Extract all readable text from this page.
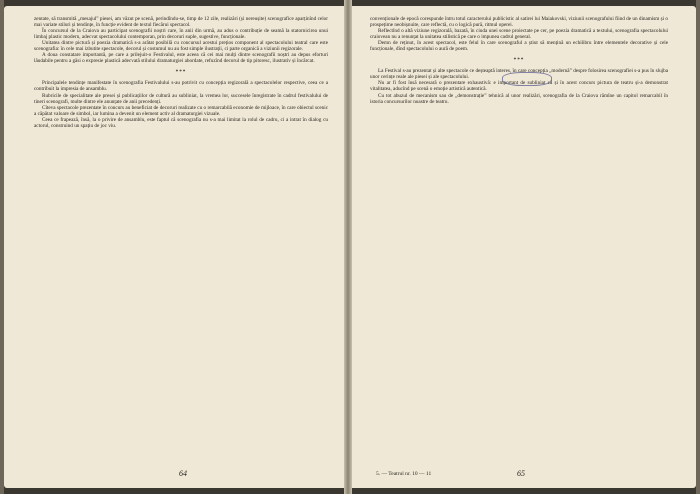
zentate, să transmită „mesajul” piesei, am văzut pe scenă, perindîndu-se, timp de 12 zile, realizări (și nereușite) scenografice aparținînd celor mai variate stiluri și tendințe, în funcție evident de textul fiecărui spectacol.

În concursul de la Craiova au participat scenografii noștri care, în anii din urmă, au adus o contribuție de seamă la statornicirea unui limbaj plastic modern, adecvat spectacolului contemporan, prin decoruri suple, sugestive, funcționale.

Unitatea dintre pictură și poezia dramatică s-a arătat posibilă cu concursul acestui prețios component al spectacolului teatral care este scenografia: în cele mai izbutite spectacole, decorul și costumul nu au fost simple ilustrații, ci parte organică a viziunii regizorale.

A doua constatare importantă, pe care a prilejuit-o Festivalul, este aceea că cei mai mulți dintre scenografii noștri au depus eforturi lăudabile pentru a găsi o expresie plastică adecvată stilului dramaturgiei abordate, refuzînd decorul de tip pitoresc, ilustrativ și încărcat.

***

Principalele tendințe manifestate în scenografia Festivalului s-au potrivit cu concepția regizorală a spectacolelor respective, ceea ce a contribuit la impresia de ansamblu.

Rubricile de specialitate ale presei și publicațiilor de cultură au subliniat, la vremea lor, succesele înregistrate în cadrul festivalului de tineri scenografi, multe dintre ele anunțate de anii precedenți.

Cîteva spectacole prezentate în concurs au beneficiat de decoruri realizate cu o remarcabilă economie de mijloace, în care obiectul scenic a căpătat valoare de simbol, iar lumina a devenit un element activ al dramaturgiei vizuale.

Ceea ce frapează, însă, la o privire de ansamblu, este faptul că scenografia nu s-a mai limitat la rolul de cadru, ci a intrat în dialog cu actorul, construind un spațiu de joc viu.

64

convenționale de epocă corespunde întru totul caracterului publicistic al satirei lui Maiakovski, viziunii scenografului fiind de un dinamism și o prospețime neobișnuite, care reflectă, cu o logică pură, ritmul operei.

Reflectînd o altă viziune regizorală, bazată, în ciuda unei scene proiectate pe cer, pe poezia dramatică a textului, scenografia spectacolului craiovean nu a renunțat la unitatea stilistică pe care o impunea cadrul general.

Demn de reținut, în acest spectacol, este felul în care scenograful a știut să mențină un echilibru între elementele decorative și cele funcționale, dînd spectacolului o aură de poem.

***

La Festival s-au prezentat și alte spectacole ce deșteaptă interes, în care concepția „modernă” despre folosirea scenografiei s-a pus în slujba unor cerințe reale ale piesei și ale spectacolului.

Nu ar fi fost însă necesară o prezentare exhaustivă: e important de subliniat că și în acest concurs pictura de teatru și-a demonstrat vitalitatea, aducînd pe scenă o emoție artistică autentică.

Cu tot abuzul de mecanism sau de „demonstrație” tehnică al unor realizări, scenografia de la Craiova rămîne un capitol remarcabil în istoria concursurilor noastre de teatru.

5. — Teatrul nr. 10 — 11	65
